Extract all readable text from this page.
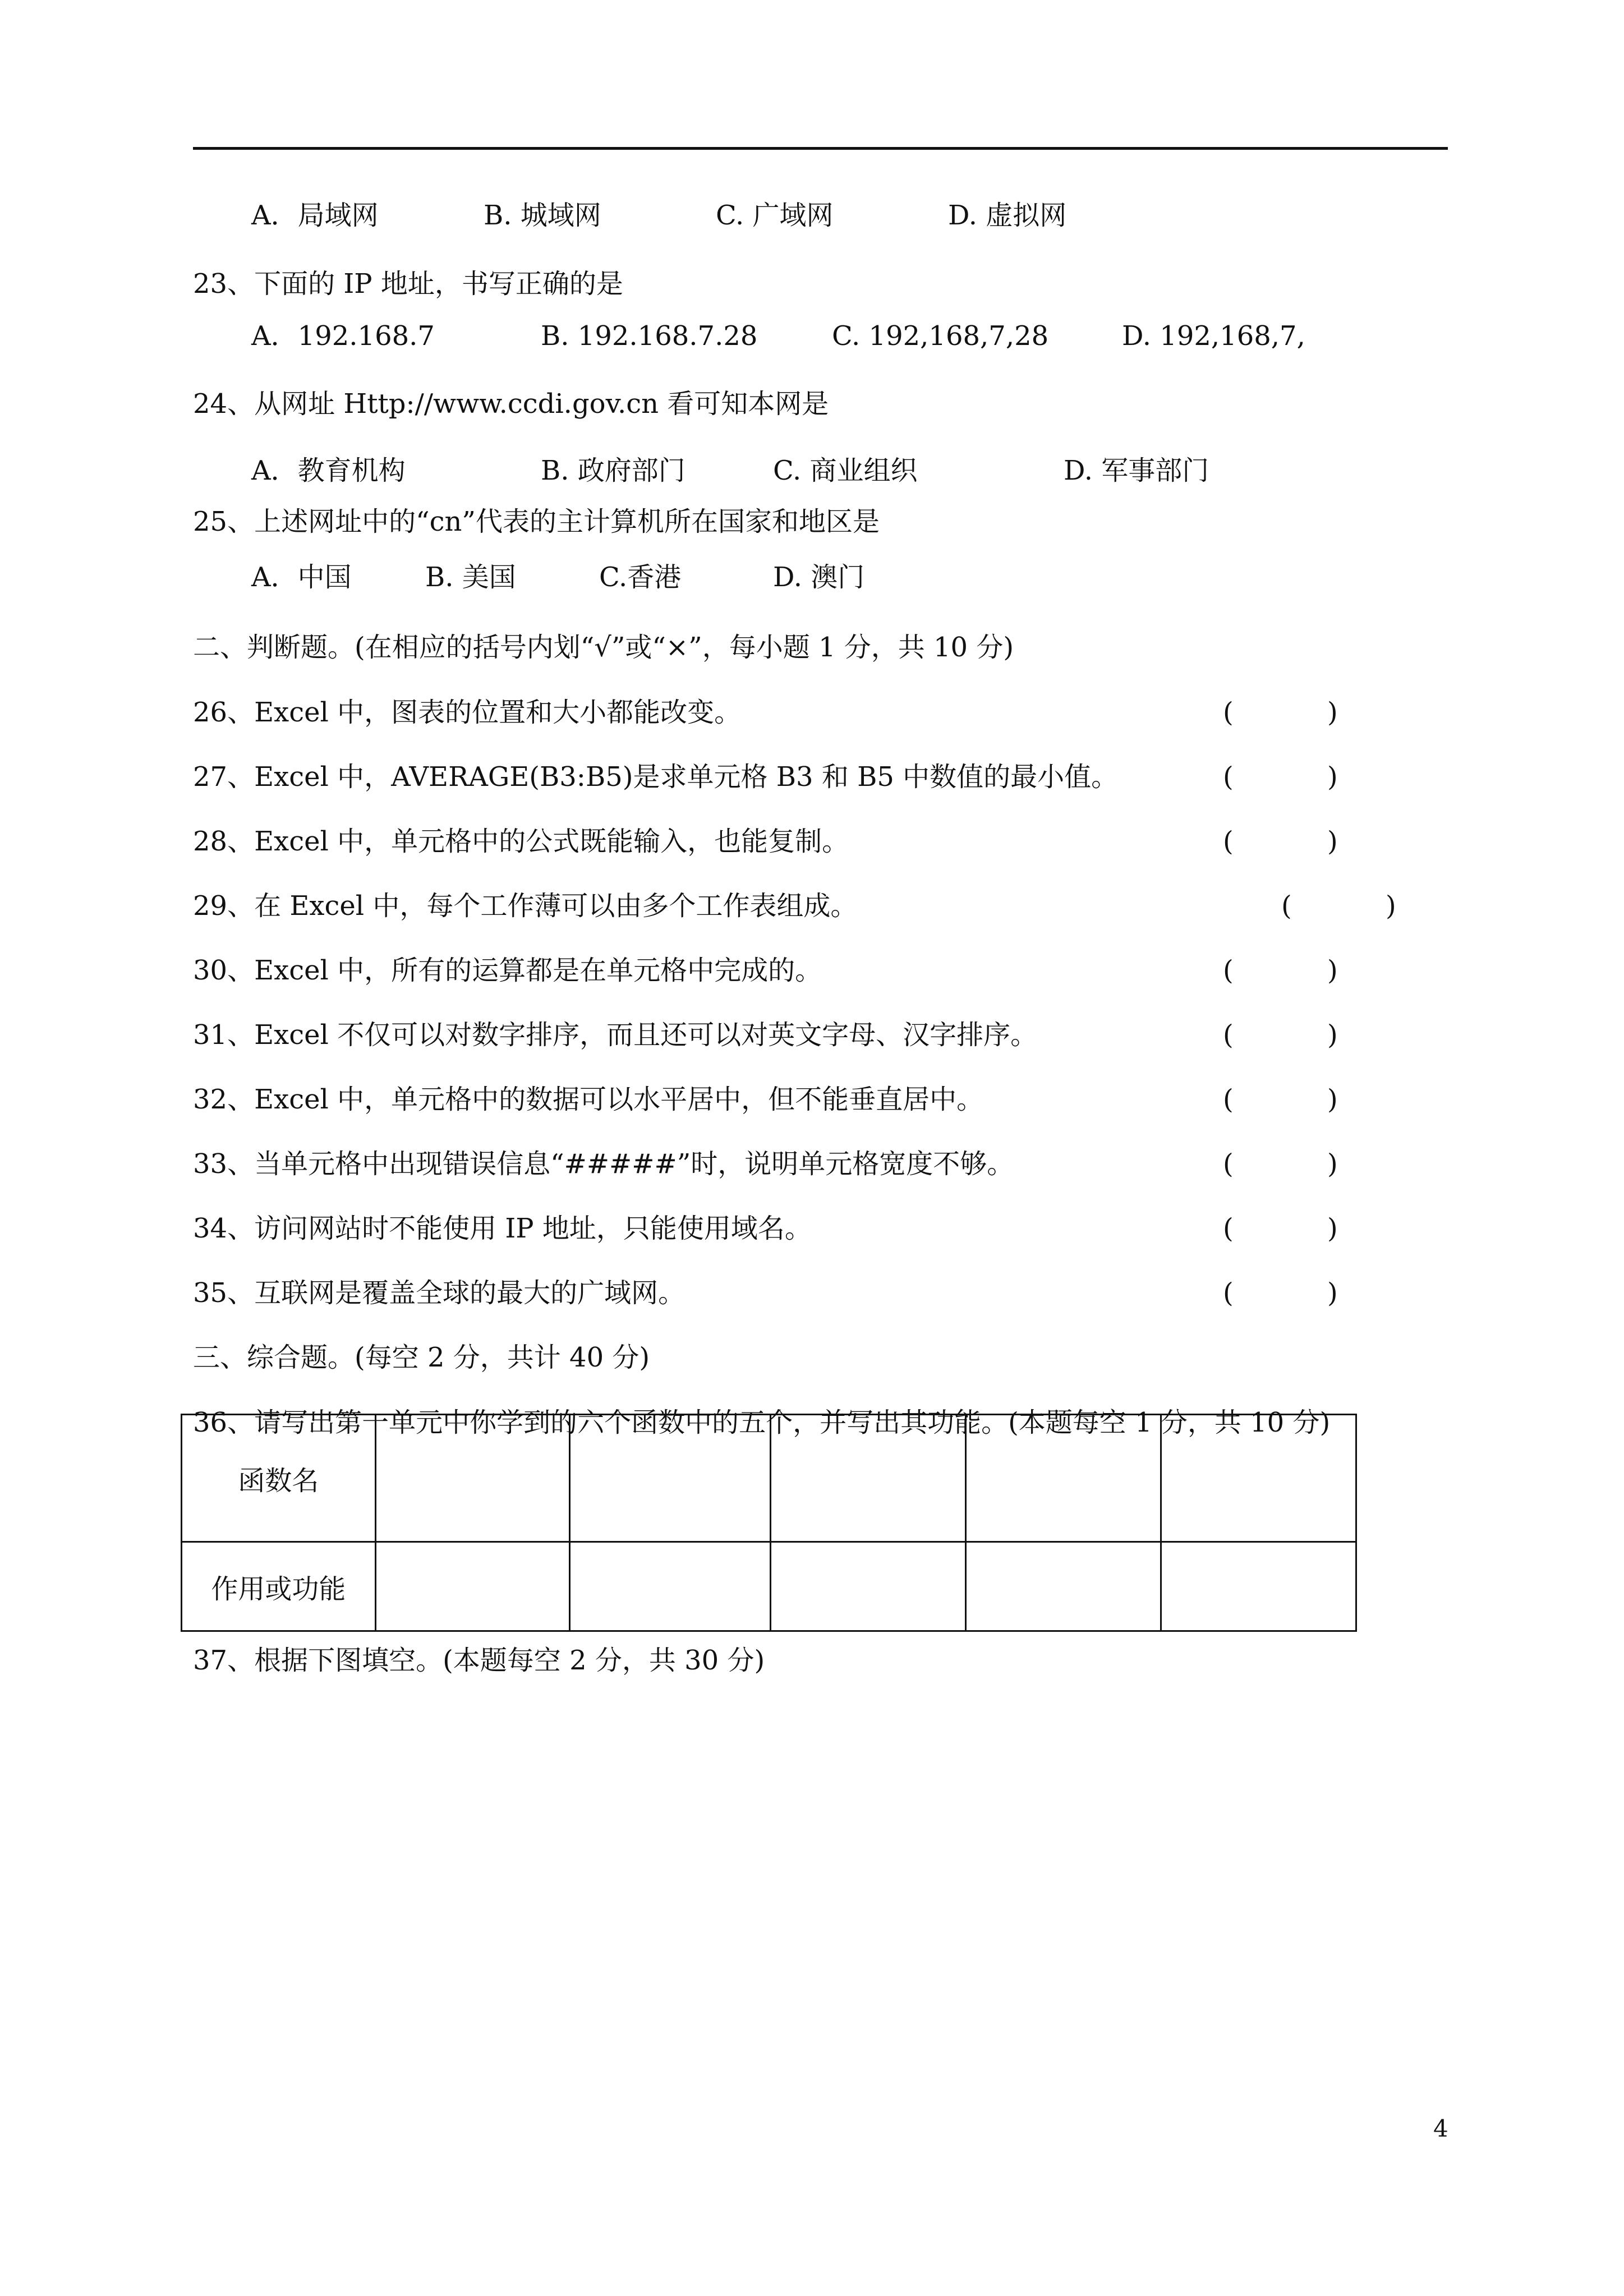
A．局域网	B. 城域网	C. 广域网	D. 虚拟网
23、下面的 IP 地址，书写正确的是
A．192.168.7	B. 192.168.7.28	C. 192,168,7,28	D. 192,168,7,
24、从网址 Http://www.ccdi.gov.cn 看可知本网是
A．教育机构	B. 政府部门	C. 商业组织	D. 军事部门
25、上述网址中的“cn”代表的主计算机所在国家和地区是
A．中国	B. 美国	C.香港	D. 澳门
二、判断题。(在相应的括号内划“√”或“×”，每小题 1 分，共 10 分)
26、Excel 中，图表的位置和大小都能改变。	(	)
27、Excel 中，AVERAGE(B3:B5)是求单元格 B3 和 B5 中数值的最小值。	(	)
28、Excel 中，单元格中的公式既能输入，也能复制。	(	)
29、在 Excel 中，每个工作薄可以由多个工作表组成。	(	)
30、Excel 中，所有的运算都是在单元格中完成的。	(	)
31、Excel 不仅可以对数字排序，而且还可以对英文字母、汉字排序。	(	)
32、Excel 中，单元格中的数据可以水平居中，但不能垂直居中。	(	)
33、当单元格中出现错误信息“#####”时，说明单元格宽度不够。	(	)
34、访问网站时不能使用 IP 地址，只能使用域名。	(	)
35、互联网是覆盖全球的最大的广域网。	(	)
三、综合题。(每空 2 分，共计 40 分)
36、请写出第一单元中你学到的六个函数中的五个，并写出其功能。(本题每空 1 分，共 10 分)
函数名					
作用或功能					
37、根据下图填空。(本题每空 2 分，共 30 分)
4
